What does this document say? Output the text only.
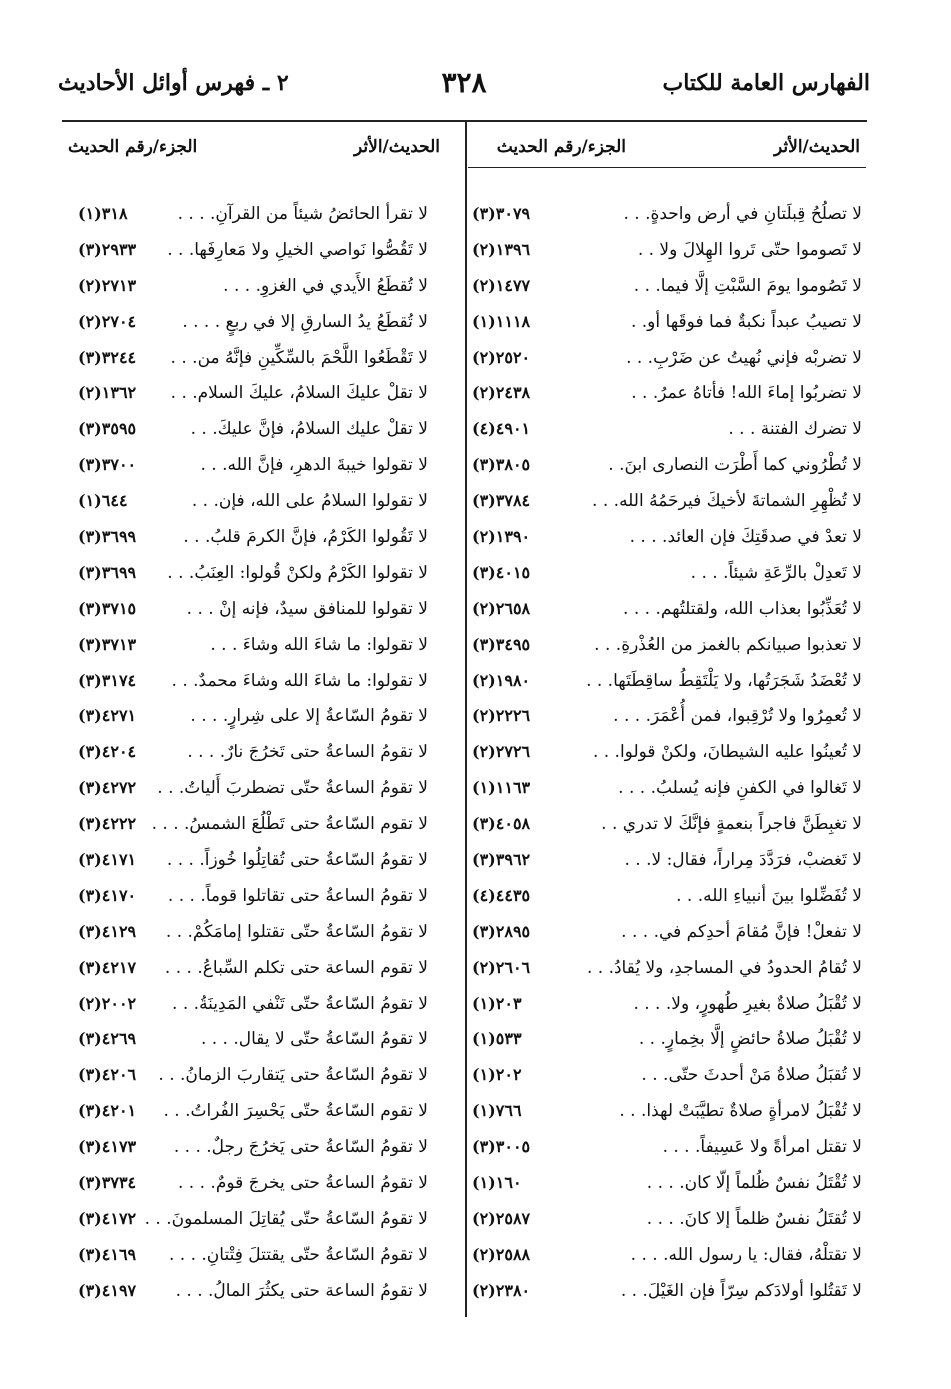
الفهارس العامة للكتاب
٣٢٨
٢ ـ فهرس أوائل الأحاديث
الحديث/الأثر
الجزء/رقم الحديث
لا تصلُحُ قِبلَتانِ في أرض واحدةٍ. . .
(٣)٣٠٧٩
لا تَصوموا حتّى تَروا الهِلالَ ولا . .
(٢)١٣٩٦
لا تَصُوموا يومَ السَّبْتِ إلَّا فيما. . .
(٢)١٤٧٧
لا تصيبُ عبداً نكبةٌ فما فوقَها أو. .
(١)١١١٨
لا تضربْه فإني نُهيتُ عن ضَرْبِ. . .
(٢)٢٥٢٠
لا تضربُوا إماءَ الله! فأتاهُ عمرُ. . .
(٢)٢٤٣٨
لا تضرك الفتنة . . .
(٤)٤٩٠١
لا تُطْرُوني كما أَطْرَت النصارى ابنَ. .
(٣)٣٨٠٥
لا تُظْهِرِ الشماتةَ لأخيكَ فيرحَمُهُ الله. . .
(٣)٣٧٨٤
لا تعدْ في صدقَتِكَ فإن العائد. . . .
(٢)١٣٩٠
لا تَعدِلْ بالرِّعَةِ شيئاً. . . .
(٣)٤٠١٥
لا تُعَذِّبُوا بعذاب الله، ولقتلتُهم. . . .
(٢)٢٦٥٨
لا تعذبوا صبيانكم بالغمز من العُذْرةِ. . .
(٣)٣٤٩٥
لا تُعْضَدُ شَجَرَتُها، ولا يَلْتَقِطُ ساقِطَتَها. . .
(٢)١٩٨٠
لا تُعمِرُوا ولا تُرْقِبوا، فمن أُعْمَرَ. . . .
(٢)٢٢٢٦
لا تُعينُوا عليه الشيطانَ، ولكنْ قولوا. . .
(٢)٢٧٢٦
لا تَغالوا في الكفنِ فإنه يُسلبُ. . . .
(١)١١٦٣
لا تغبِطَنَّ فاجراً بنعمةٍ فإنَّكَ لا تدري . .
(٣)٤٠٥٨
لا تَغضبْ، فرَدَّدَ مِراراً، فقال: لا. . .
(٣)٣٩٦٢
لا تُفَضِّلوا بينَ أنبياءِ الله. . .
(٤)٤٤٣٥
لا تفعلْ! فإنَّ مُقامَ أحدِكم في. . . .
(٣)٢٨٩٥
لا تُقامُ الحدودُ في المساجدِ، ولا يُقادُ. . .
(٢)٢٦٠٦
لا تُقْبَلُ صلاةٌ بغيرِ طُهورٍ، ولا. . . .
(١)٢٠٣
لا تُقْبَلُ صلاةُ حائضٍ إلَّا بخِمارٍ. . .
(١)٥٣٣
لا تُقبَلُ صلاةُ مَنْ أحدثَ حتّى. . .
(١)٢٠٢
لا تُقْبَلُ لامرأةٍ صلاةٌ تطيَّبَتْ لهذا. . .
(١)٧٦٦
لا تقتل امرأةً ولا عَسِيفاً. . . .
(٣)٣٠٠٥
لا تُقْتَلُ نفسٌ ظُلماً إلّا كان. . . .
(١)١٦٠
لا تُقتَلُ نفسٌ ظلماً إلا كانَ. . . .
(٢)٢٥٨٧
لا تقتلْهُ، فقال: يا رسول الله. . . .
(٢)٢٥٨٨
لا تَقتُلوا أولادَكم سِرّاً فإن الغَيْلَ. . .
(٢)٢٣٨٠
الحديث/الأثر
الجزء/رقم الحديث
لا تقرأ الحائضُ شيئاً من القرآنِ. . . .
(١)٣١٨
لا تَقُصُّوا نَواصي الخيلِ ولا مَعارِفَها. . .
(٣)٢٩٣٣
لا تُقطَعُ الأَيدي في الغزوِ. . . .
(٢)٢٧١٣
لا تُقطَعُ يدُ السارقِ إلا في ربعٍ . . . .
(٢)٢٧٠٤
لا تَقْطَعُوا اللَّحْمَ بالسِّكِّينِ فإنَّهُ من. . .
(٣)٣٢٤٤
لا تقلْ عليكَ السلامُ، عليكَ السلام. . .
(٢)١٣٦٢
لا تقلْ عليك السلامُ، فإنَّ عليكَ. . .
(٣)٣٥٩٥
لا تقولوا خيبةَ الدهرِ، فإنَّ الله. . .
(٣)٣٧٠٠
لا تقولوا السلامُ على الله، فإن. . .
(١)٦٤٤
لا تَقُولوا الكَرْمُ، فإنَّ الكرمَ قلبُ. . .
(٣)٣٦٩٩
لا تقولوا الكَرْمُ ولكنْ قُولوا: العِنَبُ. . .
(٣)٣٦٩٩
لا تقولوا للمنافق سيدٌ، فإنه إنْ . . .
(٣)٣٧١٥
لا تقولوا: ما شاءَ الله وشاءَ . . .
(٣)٣٧١٣
لا تقولوا: ما شاءَ الله وشاءَ محمدٌ. . .
(٣)٣١٧٤
لا تقومُ السّاعةُ إلا على شِرارٍ. . . .
(٣)٤٢٧١
لا تقومُ الساعةُ حتى تَخرُجَ نارٌ. . . .
(٣)٤٢٠٤
لا تقومُ الساعةُ حتّى تضطربَ أَلياتُ. . .
(٣)٤٢٧٢
لا تقوم السّاعةُ حتى تَطْلُعَ الشمسُ. . . .
(٣)٤٢٢٢
لا تقومُ السّاعةُ حتى تُقاتِلُوا خُوزاً. . . .
(٣)٤١٧١
لا تقومُ الساعةُ حتى تقاتلوا قوماً. . . .
(٣)٤١٧٠
لا تقومُ السّاعةُ حتّى تقتلوا إمامَكُمْ. . .
(٣)٤١٢٩
لا تقوم الساعة حتى تكلم السِّباعُ. . . .
(٣)٤٢١٧
لا تقومُ السّاعةُ حتّى تَنْفي المَدِينَةُ. . .
(٢)٢٠٠٢
لا تقومُ السّاعةُ حتّى لا يقال. . . .
(٣)٤٢٦٩
لا تقومُ السّاعةُ حتى يَتقاربَ الزمانُ. . .
(٣)٤٢٠٦
لا تقوم السّاعةُ حتّى يَحْسِرَ الفُراتُ. . .
(٣)٤٢٠١
لا تقومُ السّاعةُ حتى يَخرُجَ رجلٌ. . . .
(٣)٤١٧٣
لا تقومُ الساعةُ حتى يخرجَ قومٌ. . . .
(٣)٣٧٣٤
لا تقومُ السّاعةُ حتّى يُقاتِلَ المسلمونَ. . .
(٣)٤١٧٢
لا تقومُ السّاعةُ حتّى يقتتلَ فِتْتانِ. . . .
(٣)٤١٦٩
لا تقومُ الساعة حتى يكثُرَ المالُ. . . .
(٣)٤١٩٧
